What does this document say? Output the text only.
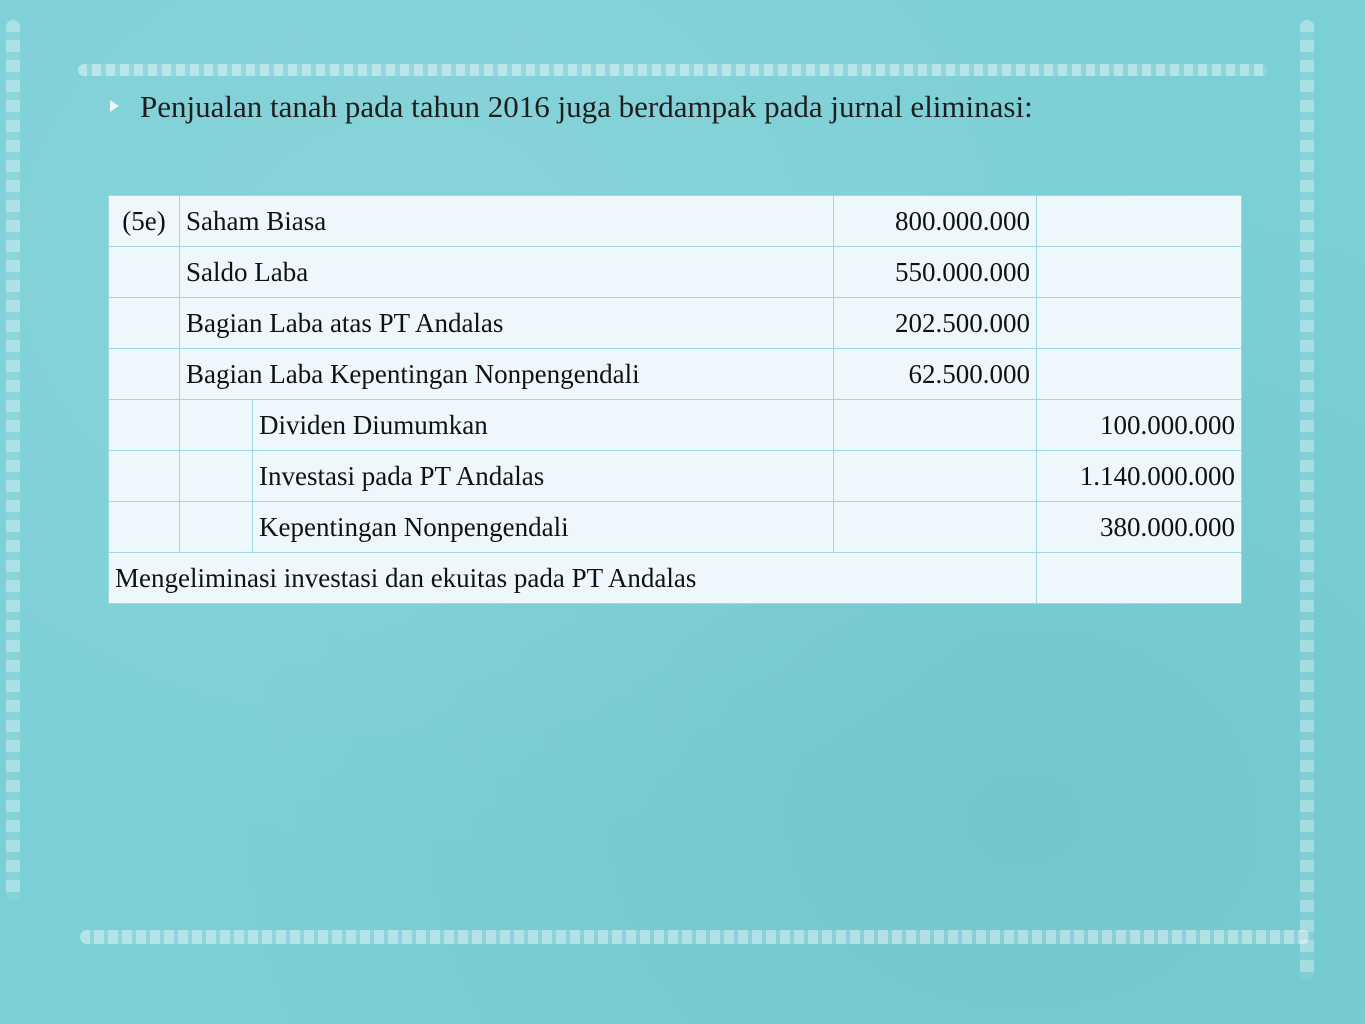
Penjualan tanah pada tahun 2016 juga berdampak pada jurnal eliminasi:
(5e)	Saham Biasa		800.000.000	
	Saldo Laba		550.000.000	
	Bagian Laba atas PT Andalas		202.500.000	
	Bagian Laba Kepentingan Nonpengendali		62.500.000	
		Dividen Diumumkan		100.000.000
		Investasi pada PT Andalas		1.140.000.000
		Kepentingan Nonpengendali		380.000.000
Mengeliminasi investasi dan ekuitas pada PT Andalas				
